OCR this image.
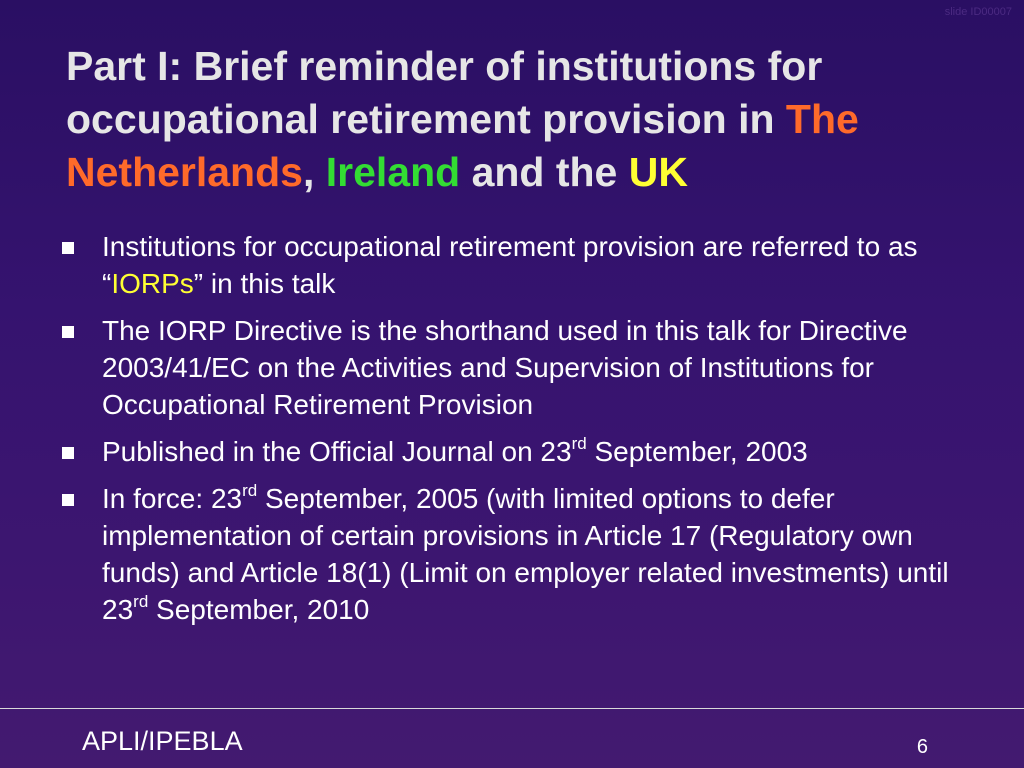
slide ID00007
Part I: Brief reminder of institutions for occupational retirement provision in The Netherlands, Ireland and the UK
Institutions for occupational retirement provision are referred to as “IORPs” in this talk
The IORP Directive is the shorthand used in this talk for Directive 2003/41/EC on the Activities and Supervision of Institutions for Occupational Retirement Provision
Published in the Official Journal on 23rd September, 2003
In force: 23rd September, 2005 (with limited options to defer implementation of certain provisions in Article 17 (Regulatory own funds) and Article 18(1) (Limit on employer related investments) until 23rd September, 2010
APLI/IPEBLA	6
